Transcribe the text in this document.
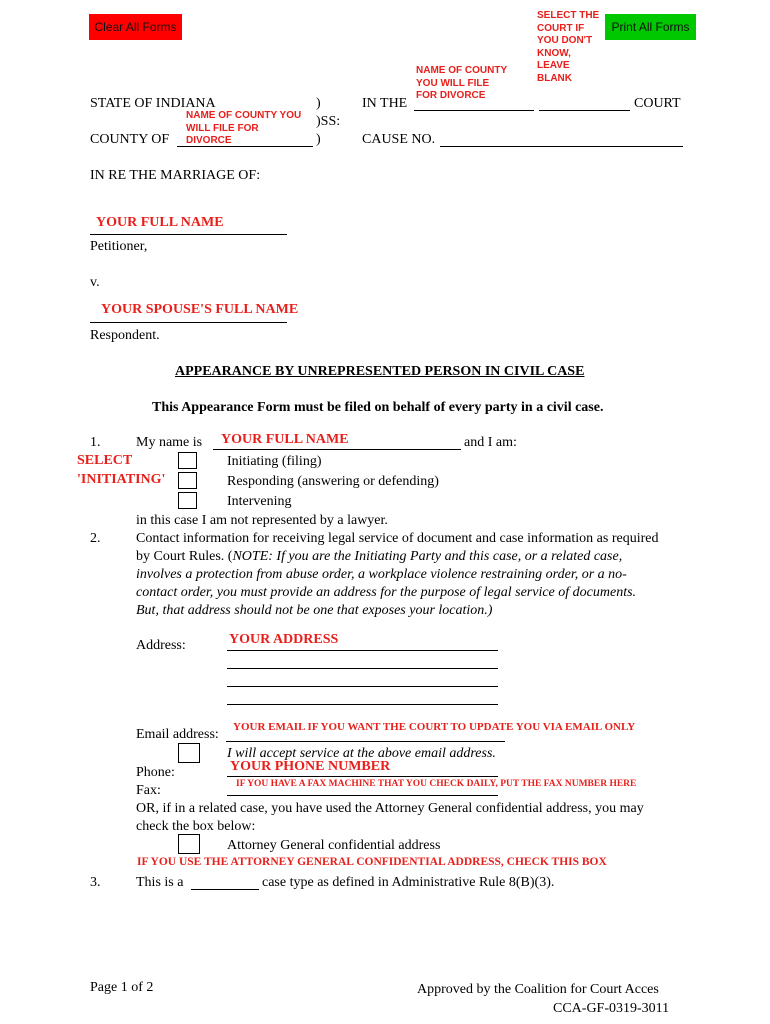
Clear All Forms	Print All Forms
SELECT THE
COURT IF
YOU DON'T
KNOW,
LEAVE
BLANK
NAME OF COUNTY
YOU WILL FILE
FOR DIVORCE
STATE OF INDIANA
NAME OF COUNTY YOU
WILL FILE FOR
DIVORCE
COUNTY OF
)
)SS:
)
IN THE	COURT
CAUSE NO.
IN RE THE MARRIAGE OF:
YOUR FULL NAME
Petitioner,
v.
YOUR SPOUSE'S FULL NAME
Respondent.
APPEARANCE BY UNREPRESENTED PERSON IN CIVIL CASE
This Appearance Form must be filed on behalf of every party in a civil case.
1.	My name is YOUR FULL NAME	and I am:
SELECT
'INITIATING'
Initiating (filing)
Responding (answering or defending)
Intervening
in this case I am not represented by a lawyer.
2.	Contact information for receiving legal service of document and case information as required
by Court Rules. (NOTE: If you are the Initiating Party and this case, or a related case,
involves a protection from abuse order, a workplace violence restraining order, or a no-
contact order, you must provide an address for the purpose of legal service of documents.
But, that address should not be one that exposes your location.)
Address:	YOUR ADDRESS
Email address: YOUR EMAIL IF YOU WANT THE COURT TO UPDATE YOU VIA EMAIL ONLY
I will accept service at the above email address.
Phone:	YOUR PHONE NUMBER
Fax:	IF YOU HAVE A FAX MACHINE THAT YOU CHECK DAILY, PUT THE FAX NUMBER HERE
OR, if in a related case, you have used the Attorney General confidential address, you may
check the box below:
Attorney General confidential address
IF YOU USE THE ATTORNEY GENERAL CONFIDENTIAL ADDRESS, CHECK THIS BOX
3.	This is a	case type as defined in Administrative Rule 8(B)(3).
Page 1 of 2	Approved by the Coalition for Court Acces
CCA-GF-0319-3011
